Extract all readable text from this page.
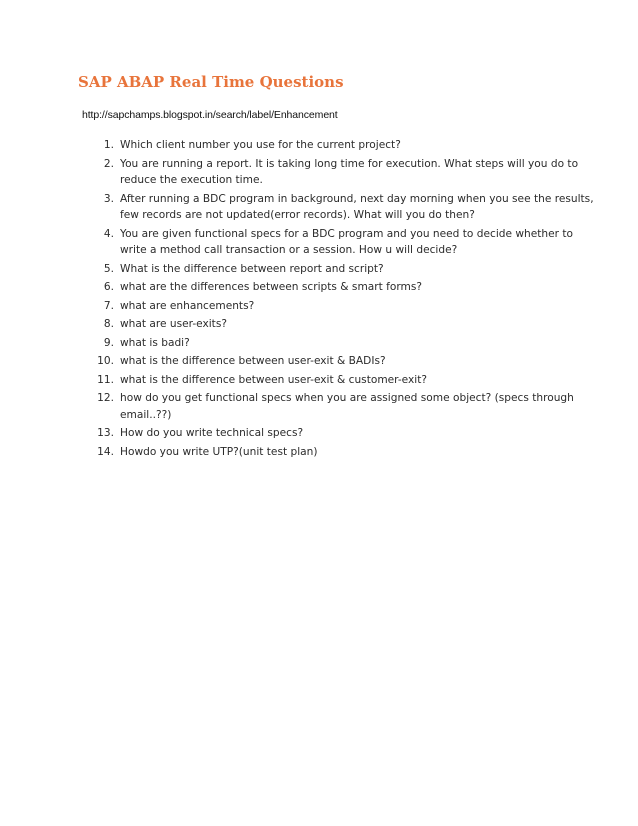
SAP ABAP Real Time Questions
http://sapchamps.blogspot.in/search/label/Enhancement
1. Which client number you use for the current project?
2. You are running a report. It is taking long time for execution. What steps will you do to reduce the execution time.
3. After running a BDC program in background, next day morning when you see the results, few records are not updated(error records). What will you do then?
4. You are given functional specs for a BDC program and you need to decide whether to write a method call transaction or a session. How u will decide?
5. What is the difference between report and script?
6. what are the differences between scripts & smart forms?
7. what are enhancements?
8. what are user-exits?
9. what is badi?
10. what is the difference between user-exit & BADIs?
11. what is the difference between user-exit & customer-exit?
12. how do you get functional specs when you are assigned some object? (specs through email..??)
13. How do you write technical specs?
14. Howdo you write UTP?(unit test plan)
